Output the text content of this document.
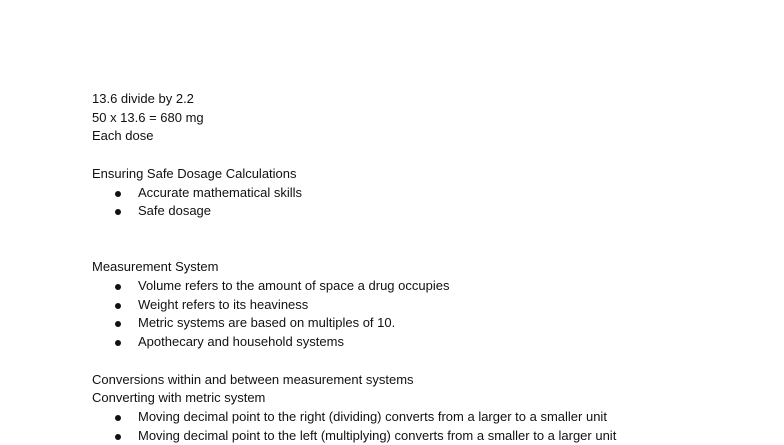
13.6 divide by 2.2
50 x 13.6 = 680 mg
Each dose
Ensuring Safe Dosage Calculations
Accurate mathematical skills
Safe dosage
Measurement System
Volume refers to the amount of space a drug occupies
Weight refers to its heaviness
Metric systems are based on multiples of 10.
Apothecary and household systems
Conversions within and between measurement systems
Converting with metric system
Moving decimal point to the right (dividing) converts from a larger to a smaller unit
Moving decimal point to the left (multiplying) converts from a smaller to a larger unit
